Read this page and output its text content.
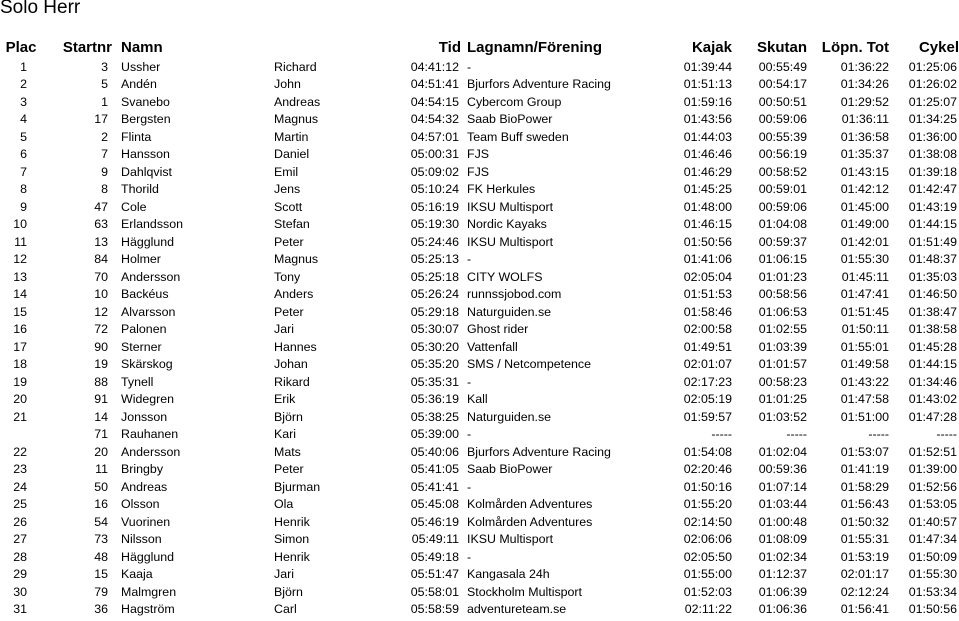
Solo Herr
Plac	Startnr	Namn		Tid	Lagnamn/Förening	Kajak	Skutan	Löpn. Tot	Cykel
1	3	Ussher	Richard	04:41:12	-	01:39:44	00:55:49	01:36:22	01:25:06
2	5	Andén	John	04:51:41	Bjurfors Adventure Racing	01:51:13	00:54:17	01:34:26	01:26:02
3	1	Svanebo	Andreas	04:54:15	Cybercom Group	01:59:16	00:50:51	01:29:52	01:25:07
4	17	Bergsten	Magnus	04:54:32	Saab BioPower	01:43:56	00:59:06	01:36:11	01:34:25
5	2	Flinta	Martin	04:57:01	Team Buff sweden	01:44:03	00:55:39	01:36:58	01:36:00
6	7	Hansson	Daniel	05:00:31	FJS	01:46:46	00:56:19	01:35:37	01:38:08
7	9	Dahlqvist	Emil	05:09:02	FJS	01:46:29	00:58:52	01:43:15	01:39:18
8	8	Thorild	Jens	05:10:24	FK Herkules	01:45:25	00:59:01	01:42:12	01:42:47
9	47	Cole	Scott	05:16:19	IKSU Multisport	01:48:00	00:59:06	01:45:00	01:43:19
10	63	Erlandsson	Stefan	05:19:30	Nordic Kayaks	01:46:15	01:04:08	01:49:00	01:44:15
11	13	Hägglund	Peter	05:24:46	IKSU Multisport	01:50:56	00:59:37	01:42:01	01:51:49
12	84	Holmer	Magnus	05:25:13	-	01:41:06	01:06:15	01:55:30	01:48:37
13	70	Andersson	Tony	05:25:18	CITY WOLFS	02:05:04	01:01:23	01:45:11	01:35:03
14	10	Backéus	Anders	05:26:24	runnssjobod.com	01:51:53	00:58:56	01:47:41	01:46:50
15	12	Alvarsson	Peter	05:29:18	Naturguiden.se	01:58:46	01:06:53	01:51:45	01:38:47
16	72	Palonen	Jari	05:30:07	Ghost rider	02:00:58	01:02:55	01:50:11	01:38:58
17	90	Sterner	Hannes	05:30:20	Vattenfall	01:49:51	01:03:39	01:55:01	01:45:28
18	19	Skärskog	Johan	05:35:20	SMS / Netcompetence	02:01:07	01:01:57	01:49:58	01:44:15
19	88	Tynell	Rikard	05:35:31	-	02:17:23	00:58:23	01:43:22	01:34:46
20	91	Widegren	Erik	05:36:19	Kall	02:05:19	01:01:25	01:47:58	01:43:02
21	14	Jonsson	Björn	05:38:25	Naturguiden.se	01:59:57	01:03:52	01:51:00	01:47:28
	71	Rauhanen	Kari	05:39:00	-	-----	-----	-----	-----
22	20	Andersson	Mats	05:40:06	Bjurfors Adventure Racing	01:54:08	01:02:04	01:53:07	01:52:51
23	11	Bringby	Peter	05:41:05	Saab BioPower	02:20:46	00:59:36	01:41:19	01:39:00
24	50	Andreas	Bjurman	05:41:41	-	01:50:16	01:07:14	01:58:29	01:52:56
25	16	Olsson	Ola	05:45:08	Kolmården Adventures	01:55:20	01:03:44	01:56:43	01:53:05
26	54	Vuorinen	Henrik	05:46:19	Kolmården Adventures	02:14:50	01:00:48	01:50:32	01:40:57
27	73	Nilsson	Simon	05:49:11	IKSU Multisport	02:06:06	01:08:09	01:55:31	01:47:34
28	48	Hägglund	Henrik	05:49:18	-	02:05:50	01:02:34	01:53:19	01:50:09
29	15	Kaaja	Jari	05:51:47	Kangasala 24h	01:55:00	01:12:37	02:01:17	01:55:30
30	79	Malmgren	Björn	05:58:01	Stockholm Multisport	01:52:03	01:06:39	02:12:24	01:53:34
31	36	Hagström	Carl	05:58:59	adventureteam.se	02:11:22	01:06:36	01:56:41	01:50:56
